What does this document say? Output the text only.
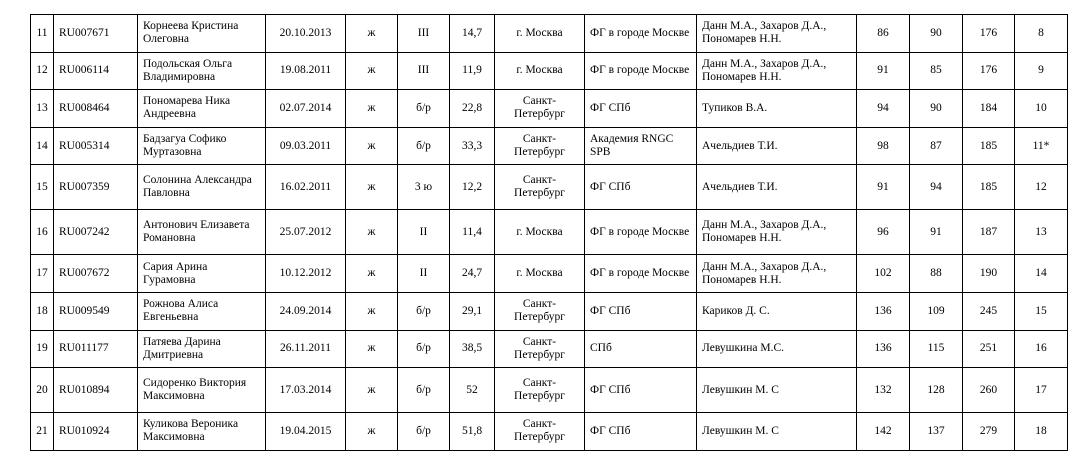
11	RU007671	Корнеева Кристина Олеговна	20.10.2013	ж	III	14,7	г. Москва	ФГ в городе Москве	Данн М.А., Захаров Д.А., Пономарев Н.Н.	86	90	176	8
12	RU006114	Подольская Ольга Владимировна	19.08.2011	ж	III	11,9	г. Москва	ФГ в городе Москве	Данн М.А., Захаров Д.А., Пономарев Н.Н.	91	85	176	9
13	RU008464	Пономарева Ника Андреевна	02.07.2014	ж	б/р	22,8	Санкт-Петербург	ФГ СПб	Тупиков В.А.	94	90	184	10
14	RU005314	Бадзагуа Софико Муртазовна	09.03.2011	ж	б/р	33,3	Санкт-Петербург	Академия RNGC SPB	Ачельдиев Т.И.	98	87	185	11*
15	RU007359	Солонина Александра Павловна	16.02.2011	ж	3 ю	12,2	Санкт-Петербург	ФГ СПб	Ачельдиев Т.И.	91	94	185	12
16	RU007242	Антонович Елизавета Романовна	25.07.2012	ж	II	11,4	г. Москва	ФГ в городе Москве	Данн М.А., Захаров Д.А., Пономарев Н.Н.	96	91	187	13
17	RU007672	Сария Арина Гурамовна	10.12.2012	ж	II	24,7	г. Москва	ФГ в городе Москве	Данн М.А., Захаров Д.А., Пономарев Н.Н.	102	88	190	14
18	RU009549	Рожнова Алиса Евгеньевна	24.09.2014	ж	б/р	29,1	Санкт-Петербург	ФГ СПб	Кариков Д. С.	136	109	245	15
19	RU011177	Патяева Дарина Дмитриевна	26.11.2011	ж	б/р	38,5	Санкт-Петербург	СПб	Левушкина М.С.	136	115	251	16
20	RU010894	Сидоренко Виктория Максимовна	17.03.2014	ж	б/р	52	Санкт-Петербург	ФГ СПб	Левушкин М. С	132	128	260	17
21	RU010924	Куликова Вероника Максимовна	19.04.2015	ж	б/р	51,8	Санкт-Петербург	ФГ СПб	Левушкин М. С	142	137	279	18
